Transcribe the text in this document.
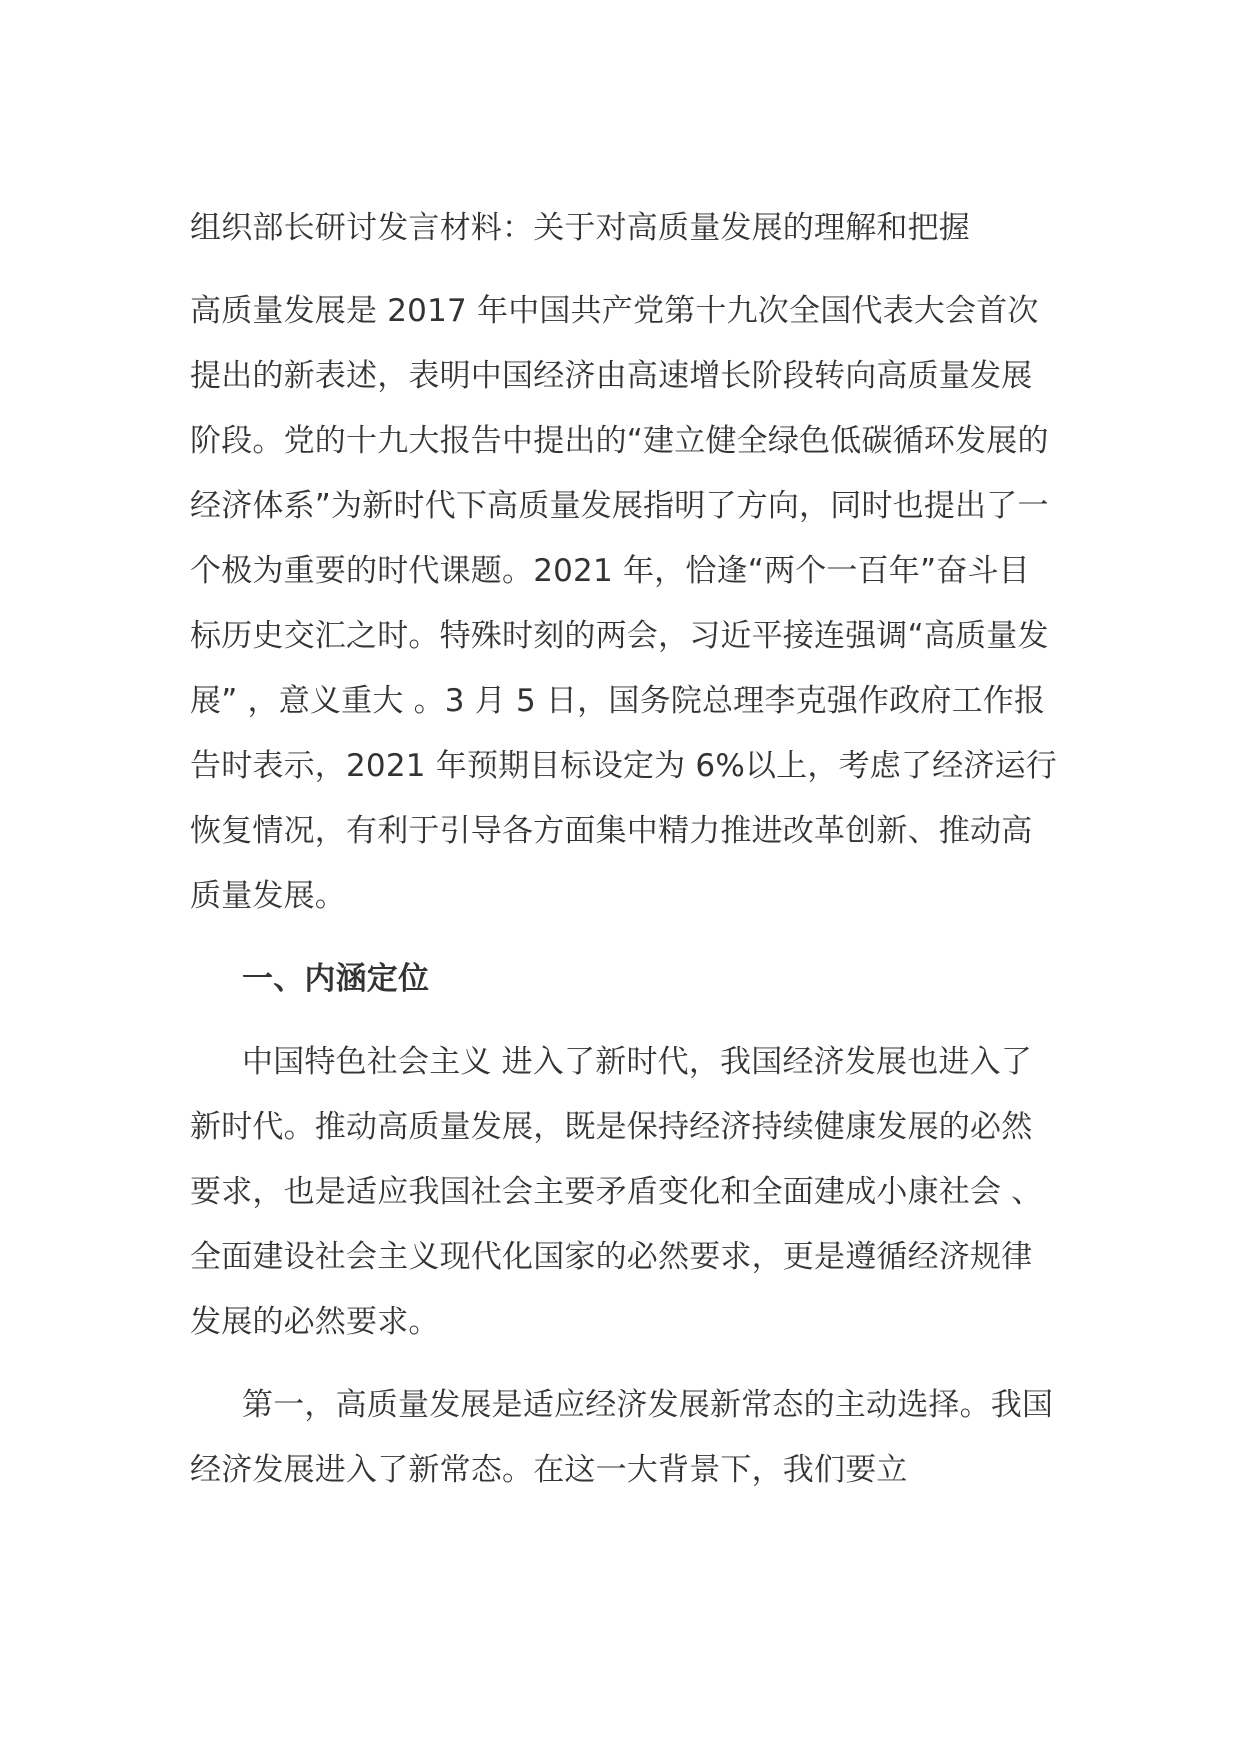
组织部长研讨发言材料：关于对高质量发展的理解和把握

高质量发展是 2017 年中国共产党第十九次全国代表大会首次提出的新表述，表明中国经济由高速增长阶段转向高质量发展阶段。党的十九大报告中提出的“建立健全绿色低碳循环发展的经济体系”为新时代下高质量发展指明了方向，同时也提出了一个极为重要的时代课题。2021 年，恰逢“两个一百年”奋斗目标历史交汇之时。特殊时刻的两会，习近平接连强调“高质量发展” ，意义重大 。3 月 5 日，国务院总理李克强作政府工作报告时表示，2021 年预期目标设定为 6%以上，考虑了经济运行恢复情况，有利于引导各方面集中精力推进改革创新、推动高质量发展。

一、内涵定位

中国特色社会主义 进入了新时代，我国经济发展也进入了新时代。推动高质量发展，既是保持经济持续健康发展的必然要求，也是适应我国社会主要矛盾变化和全面建成小康社会 、全面建设社会主义现代化国家的必然要求，更是遵循经济规律发展的必然要求。

第一，高质量发展是适应经济发展新常态的主动选择。我国经济发展进入了新常态。在这一大背景下，我们要立
